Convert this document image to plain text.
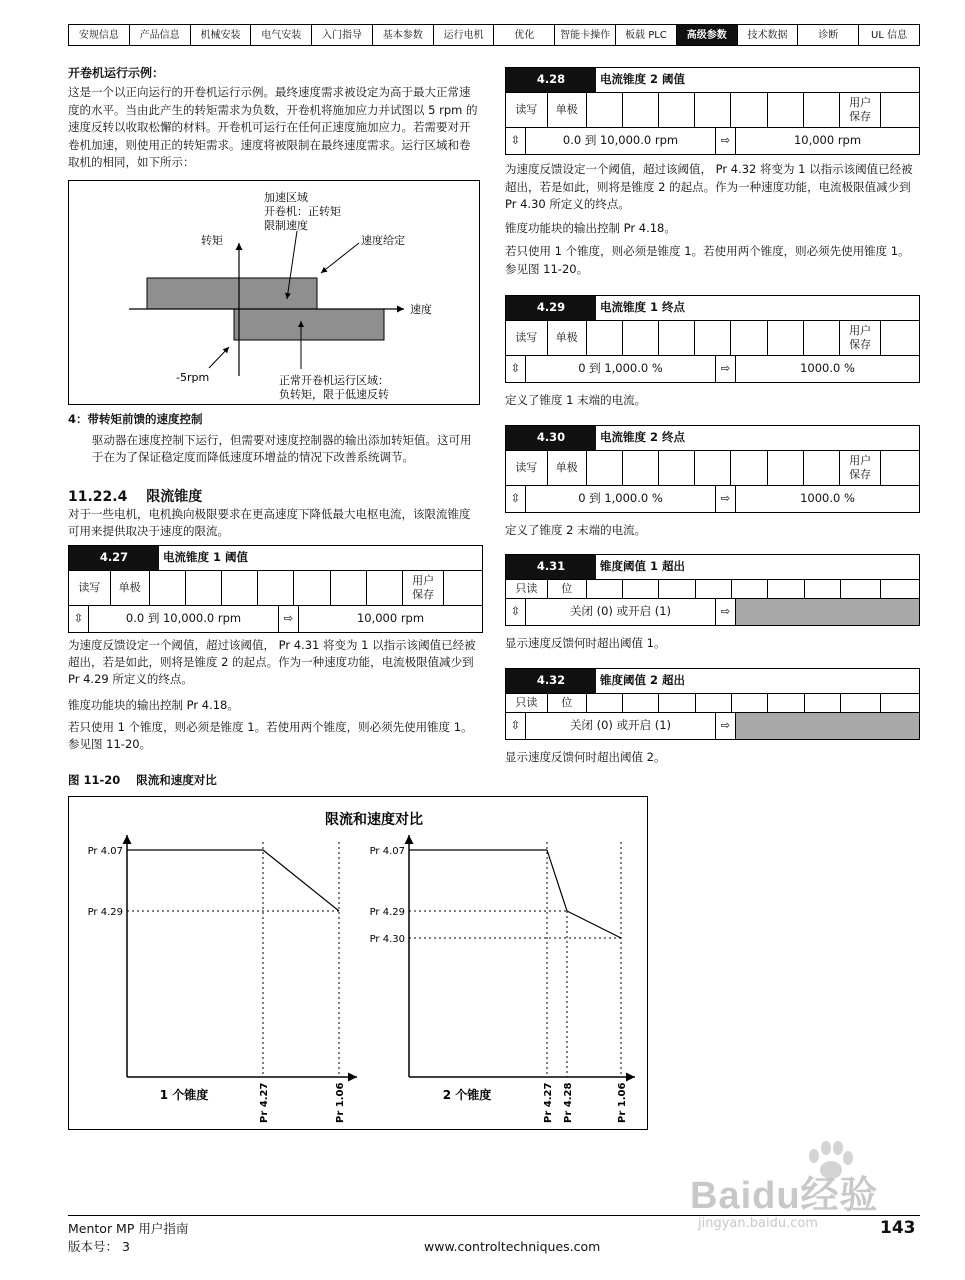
安规信息	产品信息	机械安装	电气安装	入门指导	基本参数	运行电机	优化	智能卡操作	板载 PLC	高级参数	技术数据	诊断	UL 信息

开卷机运行示例：

这是一个以正向运行的开卷机运行示例。最终速度需求被设定为高于最大正常速度的水平。当由此产生的转矩需求为负数，开卷机将施加应力并试图以 5 rpm 的速度反转以收取松懈的材料。开卷机可运行在任何正速度施加应力。若需要对开卷机加速，则使用正的转矩需求。速度将被限制在最终速度需求。运行区域和卷取机的相同，如下所示：

加速区域
开卷机：正转矩
限制速度
转矩	速度给定
速度
-5rpm	正常开卷机运行区域：
负转矩，限于低速反转

4：带转矩前馈的速度控制

驱动器在速度控制下运行，但需要对速度控制器的输出添加转矩值。这可用于在为了保证稳定度而降低速度环增益的情况下改善系统调节。

11.22.4 限流锥度

对于一些电机，电机换向极限要求在更高速度下降低最大电枢电流，该限流锥度可用来提供取决于速度的限流。

4.27	电流锥度 1 阈值
读写	单极
用户保存
⇳	0.0 到 10,000.0 rpm	⇨	10,000 rpm

为速度反馈设定一个阈值，超过该阈值， Pr 4.31 将变为 1 以指示该阈值已经被超出，若是如此，则将是锥度 2 的起点。作为一种速度功能，电流极限值减少到 Pr 4.29 所定义的终点。

锥度功能块的输出控制 Pr 4.18。

若只使用 1 个锥度，则必须是锥度 1。若使用两个锥度，则必须先使用锥度 1。参见图 11-20。

图 11-20    限流和速度对比

限流和速度对比
Pr 4.07
Pr 4.29
1 个锥度	Pr 4.27	Pr 1.06
Pr 4.07
Pr 4.29
Pr 4.30
2 个锥度	Pr 4.27 Pr 4.28	Pr 1.06
4.28	电流锥度 2 阈值
读写	单极
用户保存
⇳	0.0 到 10,000.0 rpm	⇨	10,000 rpm

为速度反馈设定一个阈值，超过该阈值， Pr 4.32 将变为 1 以指示该阈值已经被超出，若是如此，则将是锥度 2 的起点。作为一种速度功能，电流极限值减少到 Pr 4.30 所定义的终点。

锥度功能块的输出控制 Pr 4.18。

若只使用 1 个锥度，则必须是锥度 1。若使用两个锥度，则必须先使用锥度 1。参见图 11-20。

4.29	电流锥度 1 终点
读写	单极
用户保存
⇳	0 到 1,000.0 %	⇨	1000.0 %

定义了锥度 1 末端的电流。

4.30	电流锥度 2 终点
读写	单极
用户保存
⇳	0 到 1,000.0 %	⇨	1000.0 %

定义了锥度 2 末端的电流。

4.31	锥度阈值 1 超出
只读	位
⇳	关闭 (0) 或开启 (1)	⇨

显示速度反馈何时超出阈值 1。

4.32	锥度阈值 2 超出
只读	位
⇳	关闭 (0) 或开启 (1)	⇨

显示速度反馈何时超出阈值 2。

Baidu经验
jingyan.baidu.com

Mentor MP 用户指南

版本号： 3	www.controltechniques.com

143
